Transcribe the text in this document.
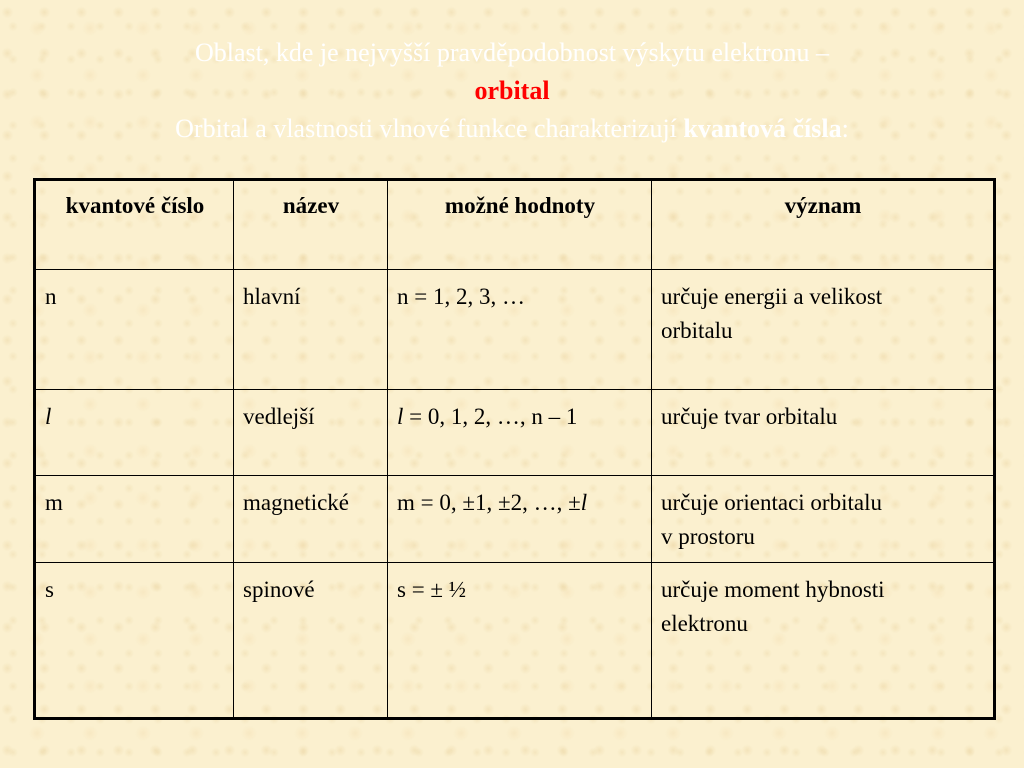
Oblast, kde je nejvyšší pravděpodobnost výskytu elektronu –
orbital
Orbital a vlastnosti vlnové funkce charakterizují kvantová čísla:
kvantové číslo	název	možné hodnoty	význam
n	hlavní	n = 1, 2, 3, …	určuje energii a velikost
orbitalu
l	vedlejší	l = 0, 1, 2, …, n – 1	určuje tvar orbitalu
m	magnetické	m = 0, ±1, ±2, …, ±l	určuje orientaci orbitalu
v prostoru
s	spinové	s = ± ½	určuje moment hybnosti
elektronu
